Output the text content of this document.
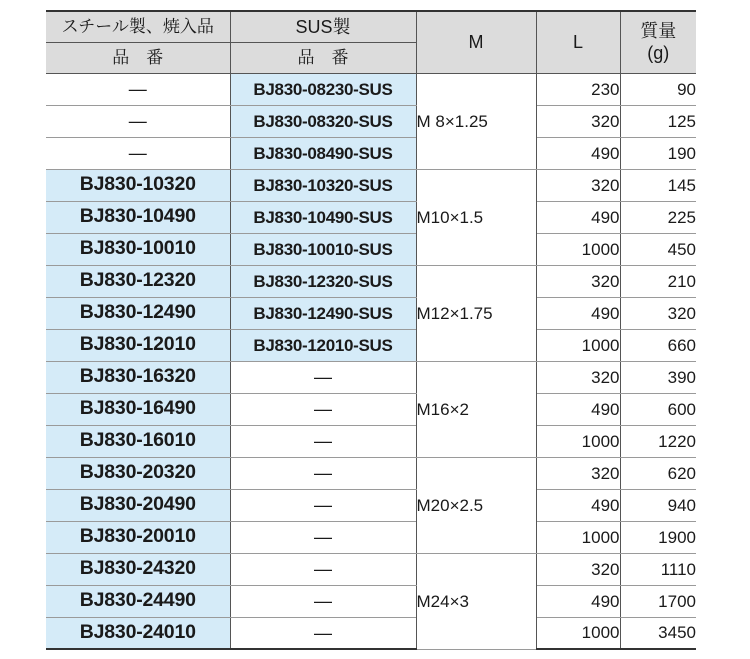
スチール製、焼入品	SUS製	M	L	質量
(g)
品　番	品　番			
—	BJ830-08230-SUS	M 8×1.25	230	90
—	BJ830-08320-SUS		320	125
—	BJ830-08490-SUS		490	190
BJ830-10320	BJ830-10320-SUS	M10×1.5	320	145
BJ830-10490	BJ830-10490-SUS		490	225
BJ830-10010	BJ830-10010-SUS		1000	450
BJ830-12320	BJ830-12320-SUS	M12×1.75	320	210
BJ830-12490	BJ830-12490-SUS		490	320
BJ830-12010	BJ830-12010-SUS		1000	660
BJ830-16320	—	M16×2	320	390
BJ830-16490	—		490	600
BJ830-16010	—		1000	1220
BJ830-20320	—	M20×2.5	320	620
BJ830-20490	—		490	940
BJ830-20010	—		1000	1900
BJ830-24320	—	M24×3	320	1110
BJ830-24490	—		490	1700
BJ830-24010	—		1000	3450
